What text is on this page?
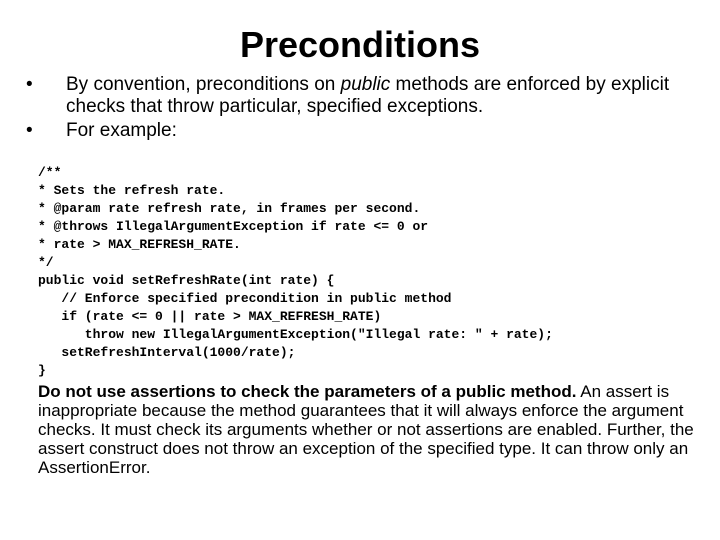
Preconditions
• By convention, preconditions on public methods are enforced by explicit checks that throw particular, specified exceptions.
• For example:

/**
* Sets the refresh rate.
* @param rate refresh rate, in frames per second.
* @throws IllegalArgumentException if rate <= 0 or
* rate > MAX_REFRESH_RATE.
*/
public void setRefreshRate(int rate) {
// Enforce specified precondition in public method
if (rate <= 0 || rate > MAX_REFRESH_RATE)
throw new IllegalArgumentException("Illegal rate: " + rate);
setRefreshInterval(1000/rate);
}

Do not use assertions to check the parameters of a public method. An assert is inappropriate because the method guarantees that it will always enforce the argument checks. It must check its arguments whether or not assertions are enabled. Further, the assert construct does not throw an exception of the specified type. It can throw only an AssertionError.
